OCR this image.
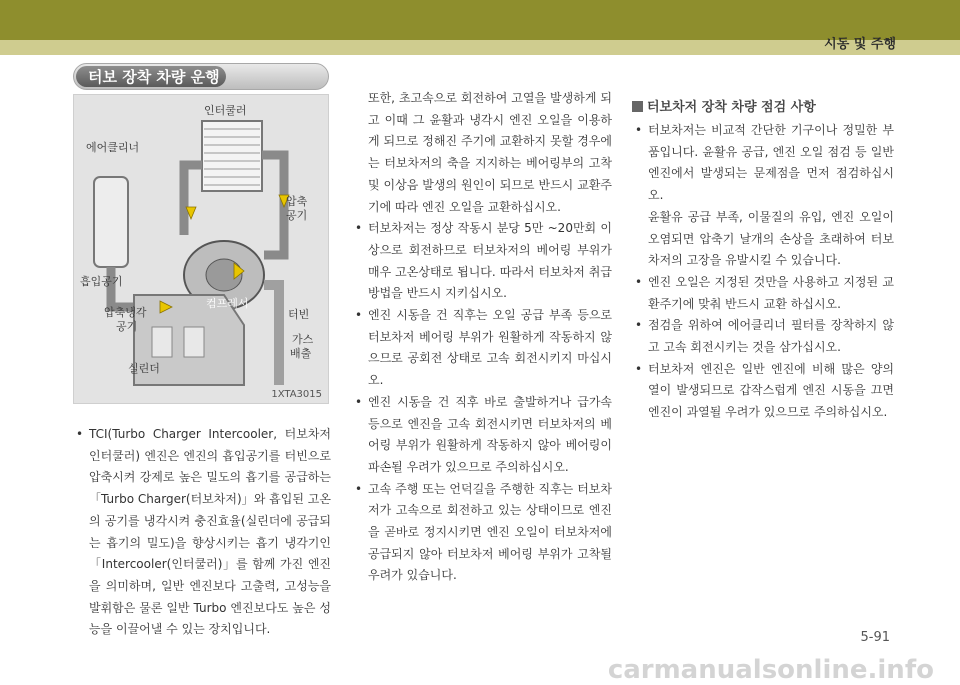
시동 및 주행
터보 장착 차량 운행
인터쿨러
에어클리너
압축
공기
흡입공기
컴프레서
터빈
압축냉각
공기
가스
배출
실린더
1XTA3015

• TCI(Turbo Charger Intercooler, 터보차저 인터쿨러) 엔진은 엔진의 흡입공기를 터빈으로 압축시켜 강제로 높은 밀도의 흡기를 공급하는 「Turbo Charger(터보차저)」와 흡입된 고온의 공기를 냉각시켜 충진효율(실린더에 공급되는 흡기의 밀도)을 향상시키는 흡기 냉각기인 「Intercooler(인터쿨러)」를 함께 가진 엔진을 의미하며, 일반 엔진보다 고출력, 고성능을 발휘함은 물론 일반 Turbo 엔진보다도 높은 성능을 이끌어낼 수 있는 장치입니다.

또한, 초고속으로 회전하여 고열을 발생하게 되고 이때 그 윤활과 냉각시 엔진 오일을 이용하게 되므로 정해진 주기에 교환하지 못할 경우에는 터보차저의 축을 지지하는 베어링부의 고착 및 이상음 발생의 원인이 되므로 반드시 교환주기에 따라 엔진 오일을 교환하십시오.

• 터보차저는 정상 작동시 분당 5만 ~20만회 이상으로 회전하므로 터보차저의 베어링 부위가 매우 고온상태로 됩니다. 따라서 터보차저 취급방법을 반드시 지키십시오.

• 엔진 시동을 건 직후는 오일 공급 부족 등으로 터보차저 베어링 부위가 원활하게 작동하지 않으므로 공회전 상태로 고속 회전시키지 마십시오.

• 엔진 시동을 건 직후 바로 출발하거나 급가속 등으로 엔진을 고속 회전시키면 터보차저의 베어링 부위가 원활하게 작동하지 않아 베어링이 파손될 우려가 있으므로 주의하십시오.

• 고속 주행 또는 언덕길을 주행한 직후는 터보차저가 고속으로 회전하고 있는 상태이므로 엔진을 곧바로 정지시키면 엔진 오일이 터보차저에 공급되지 않아 터보차저 베어링 부위가 고착될 우려가 있습니다.

터보차저 장착 차량 점검 사항

• 터보차저는 비교적 간단한 기구이나 정밀한 부품입니다. 윤활유 공급, 엔진 오일 점검 등 일반 엔진에서 발생되는 문제점을 먼저 점검하십시오.

윤활유 공급 부족, 이물질의 유입, 엔진 오일이 오염되면 압축기 날개의 손상을 초래하여 터보차저의 고장을 유발시킬 수 있습니다.

• 엔진 오일은 지정된 것만을 사용하고 지정된 교환주기에 맞춰 반드시 교환 하십시오.

• 점검을 위하여 에어클리너 필터를 장착하지 않고 고속 회전시키는 것을 삼가십시오.

• 터보차저 엔진은 일반 엔진에 비해 많은 양의 열이 발생되므로 갑작스럽게 엔진 시동을 끄면 엔진이 과열될 우려가 있으므로 주의하십시오.

5-91
carmanualsonline.info
